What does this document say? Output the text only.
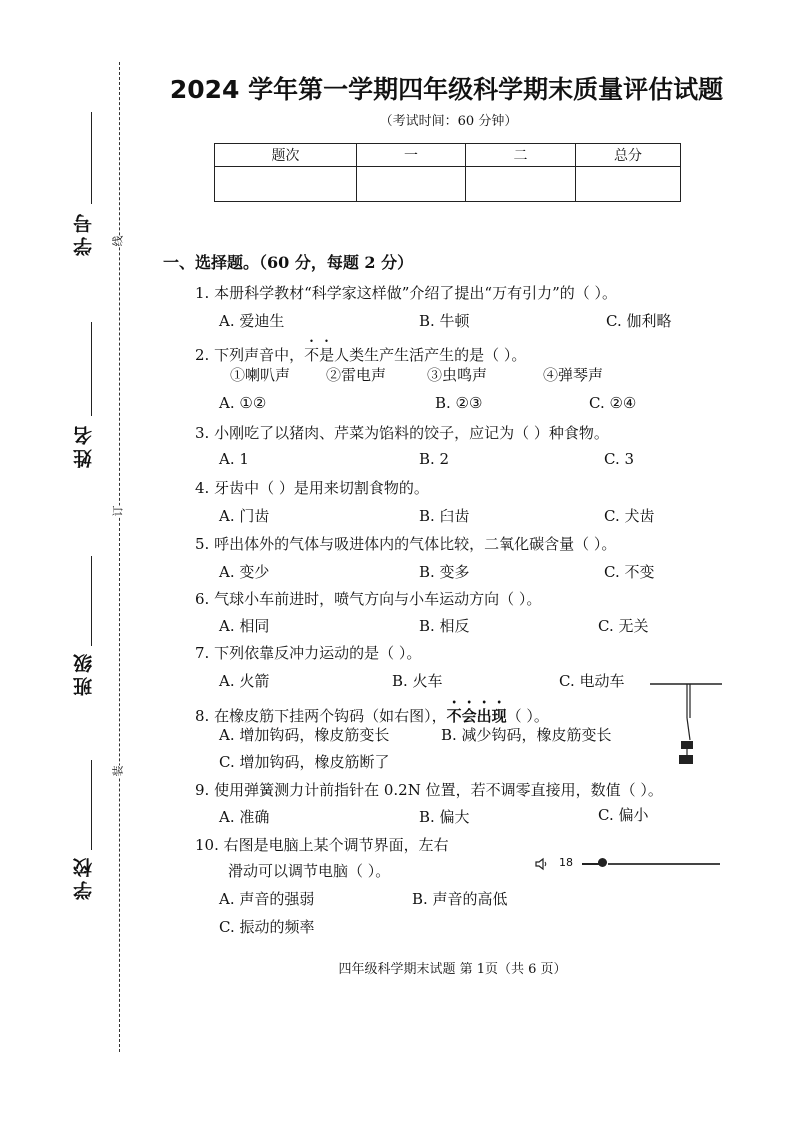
学号
姓名
班级
学校
线
订
装
2024 学年第一学期四年级科学期末质量评估试题
（考试时间：60 分钟）
题次	一	二	总分

一、选择题。（60 分，每题 2 分）
1. 本册科学教材“科学家这样做”介绍了提出“万有引力”的（ ）。
A. 爱迪生	B. 牛顿	C. 伽利略
2. 下列声音中，不是人类生产生活产生的是（ ）。
①喇叭声 ②雷电声	③虫鸣声	④弹琴声
A. ①②	B. ②③	C. ②④
3. 小刚吃了以猪肉、芹菜为馅料的饺子，应记为（ ）种食物。
A. 1	B. 2	C. 3
4. 牙齿中（ ）是用来切割食物的。
A. 门齿	B. 臼齿	C. 犬齿
5. 呼出体外的气体与吸进体内的气体比较，二氧化碳含量（ ）。
A. 变少	B. 变多	C. 不变
6. 气球小车前进时，喷气方向与小车运动方向（ ）。
A. 相同	B. 相反	C. 无关
7. 下列依靠反冲力运动的是（ ）。
A. 火箭	B. 火车	C. 电动车
8. 在橡皮筋下挂两个钩码（如右图），不会出现（ ）。
A. 增加钩码，橡皮筋变长	B. 减少钩码，橡皮筋变长
C. 增加钩码，橡皮筋断了
9. 使用弹簧测力计前指针在 0.2N 位置，若不调零直接用，数值（ ）。
A. 准确	B. 偏大	C. 偏小
10. 右图是电脑上某个调节界面，左右
滑动可以调节电脑（ ）。	18
A. 声音的强弱	B. 声音的高低
C. 振动的频率
四年级科学期末试题 第 1页（共 6 页）
